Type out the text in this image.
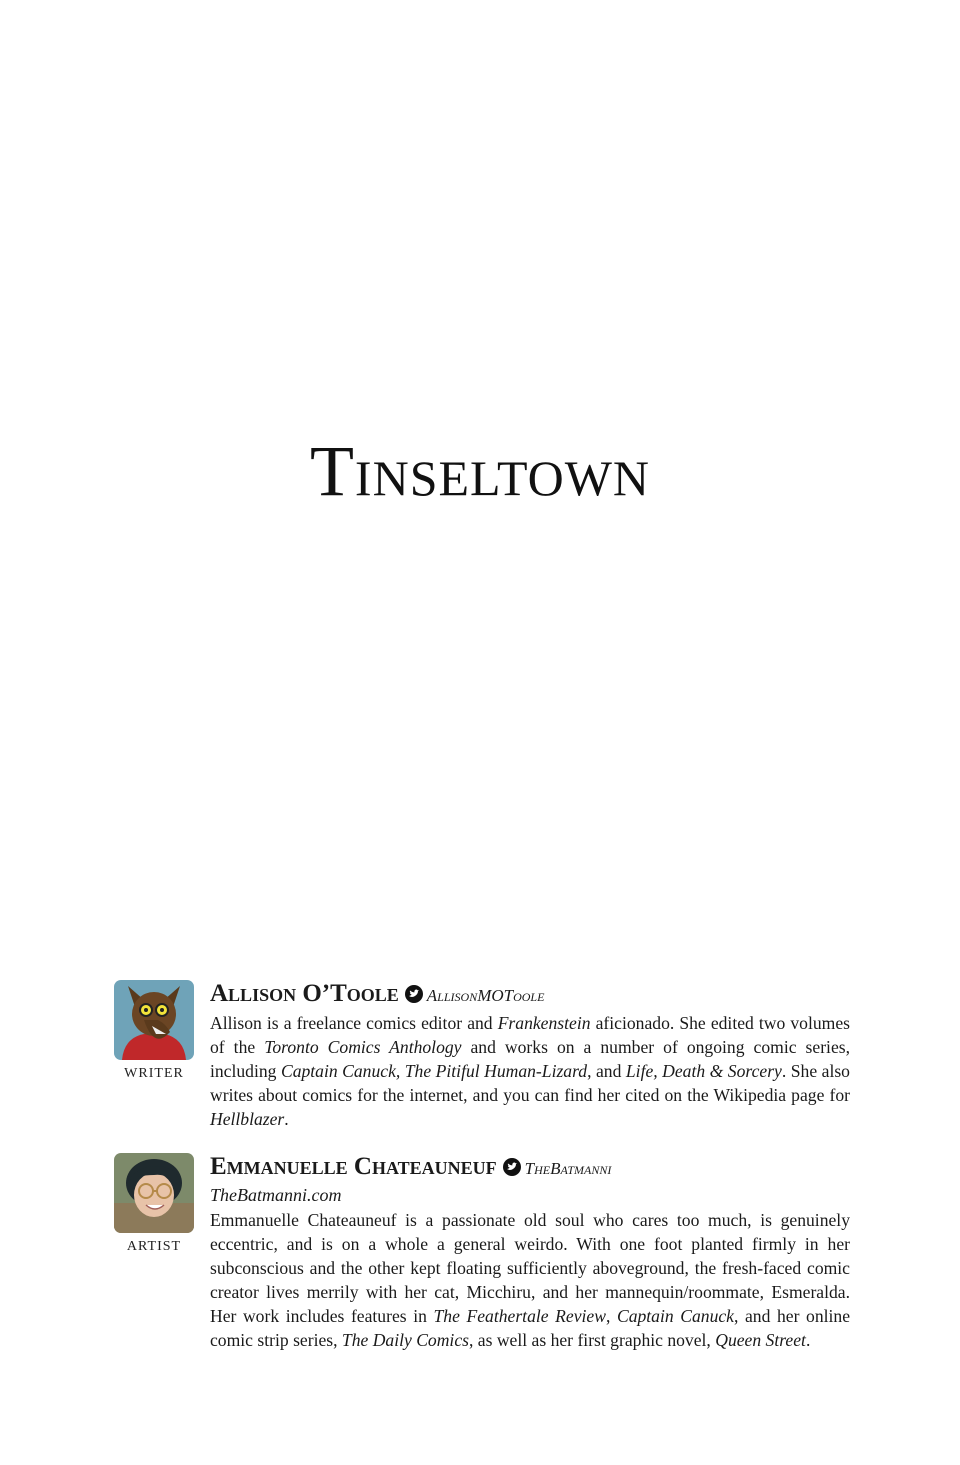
Tinseltown
WRITER
Allison O’Toole AllisonMOToole
Allison is a freelance comics editor and Frankenstein aficionado. She edited two volumes of the Toronto Comics Anthology and works on a number of ongoing comic series, including Captain Canuck, The Pitiful Human-Lizard, and Life, Death & Sorcery. She also writes about comics for the internet, and you can find her cited on the Wikipedia page for Hellblazer.
ARTIST
Emmanuelle Chateauneuf TheBatmanni
TheBatmanni.com
Emmanuelle Chateauneuf is a passionate old soul who cares too much, is genuinely eccentric, and is on a whole a general weirdo. With one foot planted firmly in her subconscious and the other kept floating sufficiently aboveground, the fresh-faced comic creator lives merrily with her cat, Micchiru, and her mannequin/roommate, Esmeralda. Her work includes features in The Feathertale Review, Captain Canuck, and her online comic strip series, The Daily Comics, as well as her first graphic novel, Queen Street.
